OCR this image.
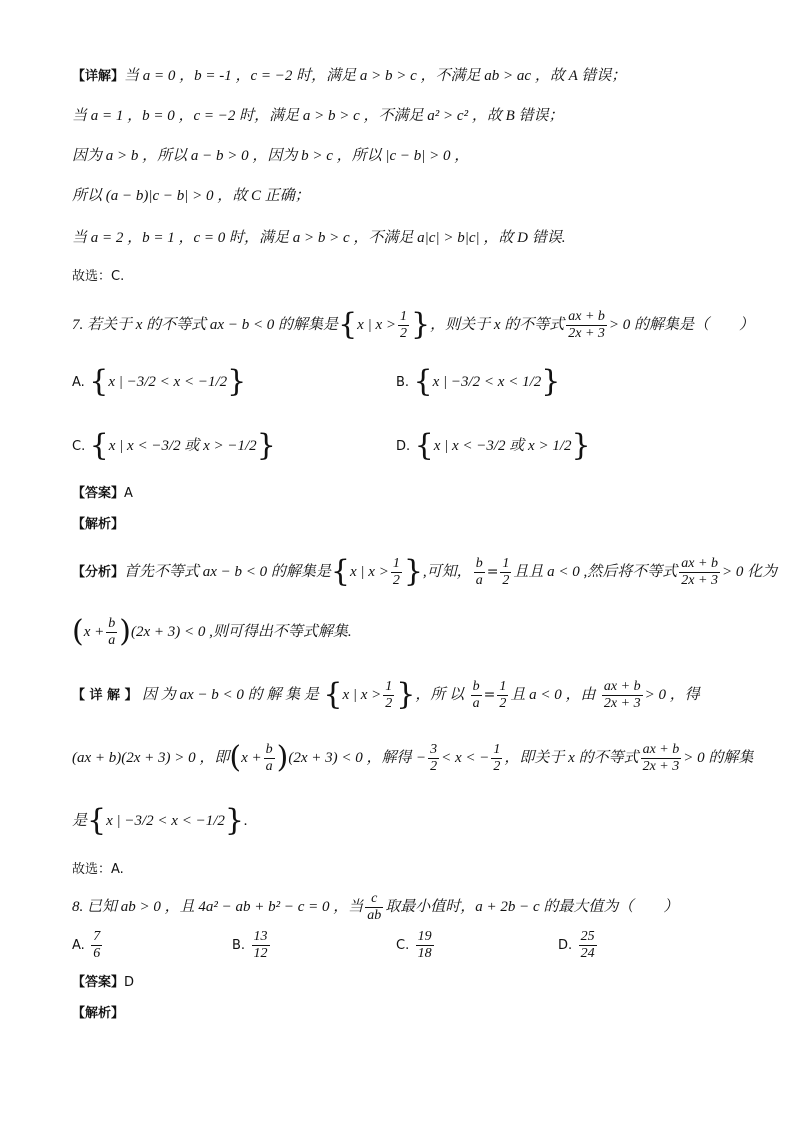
【详解】当 a = 0 ，b = -1 ，c = −2 时，满足 a > b > c ，不满足 ab > ac ，故 A 错误；
当 a = 1 ，b = 0 ，c = −2 时，满足 a > b > c ，不满足 a² > c² ，故 B 错误；
因为 a > b ，所以 a − b > 0 ，因为 b > c ，所以 |c − b| > 0 ，
所以 (a − b)|c − b| > 0 ，故 C 正确；
当 a = 2 ，b = 1 ，c = 0 时，满足 a > b > c ，不满足 a|c| > b|c| ，故 D 错误.
故选：C.
7. 若关于 x 的不等式 ax − b < 0 的解集是{x | $x > \frac{1}{2}$ }，则关于 x 的不等式 $\frac{ax + b}{2x + 3} > 0$ 的解集是（　　）
A. {x | −3/2 < x < −1/2}	B. {x | −3/2 < x < 1/2}
C. {x | x < −3/2 或 x > −1/2}	D. {x | x < −3/2 或 x > 1/2}
【答案】A
【解析】
【分析】首先不等式 ax − b < 0 的解集是{x | $x > \frac{1}{2}$ },可知， $\frac{b}{a} = \frac{1}{2}$ 且且 a < 0 ,然后将不等式 $\frac{ax + b}{2x + 3} > 0$ 化为
$(x + \frac{b}{a} )(2x + 3) < 0$ ,则可得出不等式解集.
【 详 解 】 因 为 ax − b < 0 的 解 集 是 {x | $x > \frac{1}{2}$ }，所 以 $\frac{b}{a} = \frac{1}{2}$ 且 a < 0 ，由 $\frac{ax + b}{2x + 3} > 0$ ，得
(ax + b)(2x + 3) > 0 ，即$(x + \frac{b}{a} )(2x + 3) < 0$ ，解得 − $\frac{3}{2} < x$ < − $\frac{1}{2}$ ，即关于 x 的不等式 $\frac{ax + b}{2x + 3} > 0$ 的解集
是{x | −3/2 < x < −1/2}.
故选：A.
8. 已知 ab > 0 ，且 4a² − ab + b² − c = 0 ，当 $\frac{c}{ab}$ 取最小值时，a + 2b − c 的最大值为（　　）
A. $\frac{7}{6}$	B. $\frac{13}{12}$	C. $\frac{19}{18}$	D. $\frac{25}{24}$
【答案】D
【解析】
